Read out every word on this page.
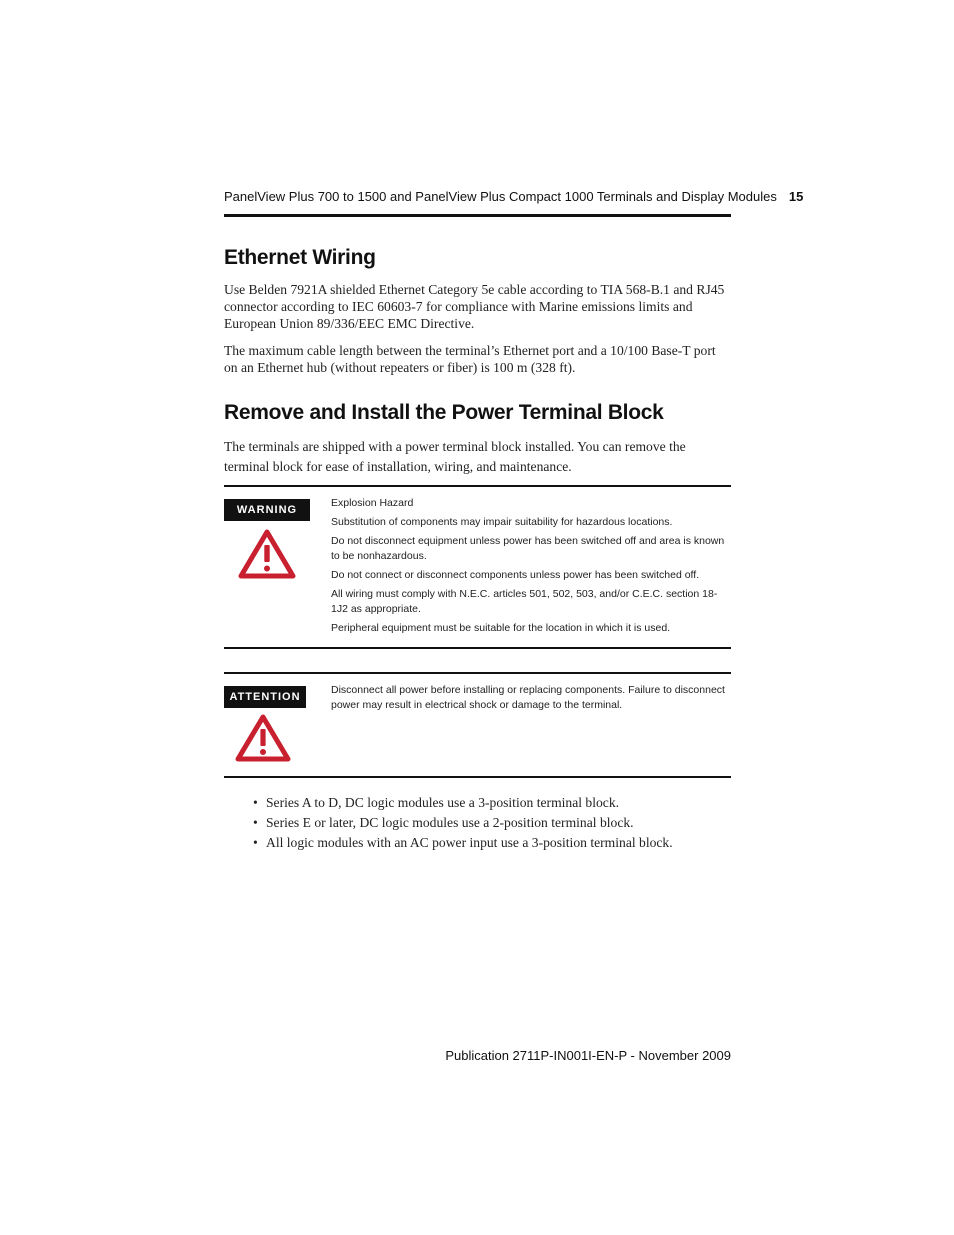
PanelView Plus 700 to 1500 and PanelView Plus Compact 1000 Terminals and Display Modules 15
Ethernet Wiring

Use Belden 7921A shielded Ethernet Category 5e cable according to TIA 568-B.1 and RJ45 connector according to IEC 60603-7 for compliance with Marine emissions limits and European Union 89/336/EEC EMC Directive.

The maximum cable length between the terminal’s Ethernet port and a 10/100 Base-T port on an Ethernet hub (without repeaters or fiber) is 100 m (328 ft).

Remove and Install the Power Terminal Block

The terminals are shipped with a power terminal block installed. You can remove the terminal block for ease of installation, wiring, and maintenance.

WARNING

Explosion Hazard

Substitution of components may impair suitability for hazardous locations.

Do not disconnect equipment unless power has been switched off and area is known to be nonhazardous.

Do not connect or disconnect components unless power has been switched off.

All wiring must comply with N.E.C. articles 501, 502, 503, and/or C.E.C. section 18-1J2 as appropriate.

Peripheral equipment must be suitable for the location in which it is used.

ATTENTION

Disconnect all power before installing or replacing components. Failure to disconnect power may result in electrical shock or damage to the terminal.

• Series A to D, DC logic modules use a 3-position terminal block.
• Series E or later, DC logic modules use a 2-position terminal block.
• All logic modules with an AC power input use a 3-position terminal block.
Publication 2711P-IN001I-EN-P - November 2009
